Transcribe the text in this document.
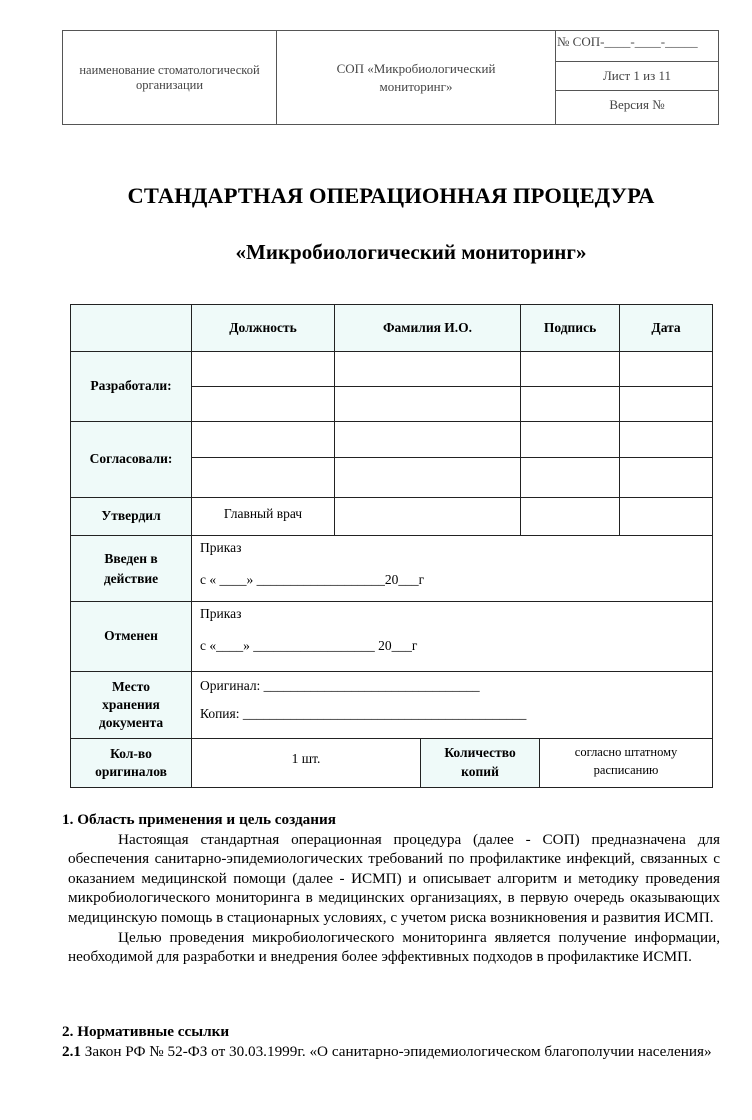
наименование стоматологической организации
СОП «Микробиологический мониторинг»
№ СОП-____-____-_____
Лист 1 из 11
Версия №
СТАНДАРТНАЯ ОПЕРАЦИОННАЯ ПРОЦЕДУРА
«Микробиологический мониторинг»
	Должность	Фамилия И.О.		Подпись		Дата
Разработали:						

Согласовали:						

Утвердил	Главный врач					

Введен в действие	Приказ
с « ____» ___________________20___г					

Отменен	Приказ
с «____» __________________ 20___г					

Место хранения документа	Оригинал: ________________________________
Копия: __________________________________________					

Кол-во оригиналов	1 шт.		Количество копий		согласно штатному расписанию	
1. Область применения и цель создания

Настоящая стандартная операционная процедура (далее - СОП) предназначена для обеспечения санитарно-эпидемиологических требований по профилактике инфекций, связанных с оказанием медицинской помощи (далее - ИСМП) и описывает алгоритм и методику проведения микробиологического мониторинга в медицинских организациях, в первую очередь оказывающих медицинскую помощь в стационарных условиях, с учетом риска возникновения и развития ИСМП.

Целью проведения микробиологического мониторинга является получение информации, необходимой для разработки и внедрения более эффективных подходов в профилактике ИСМП.

2. Нормативные ссылки

2.1 Закон РФ № 52-ФЗ от 30.03.1999г. «О санитарно-эпидемиологическом благополучии населения»
